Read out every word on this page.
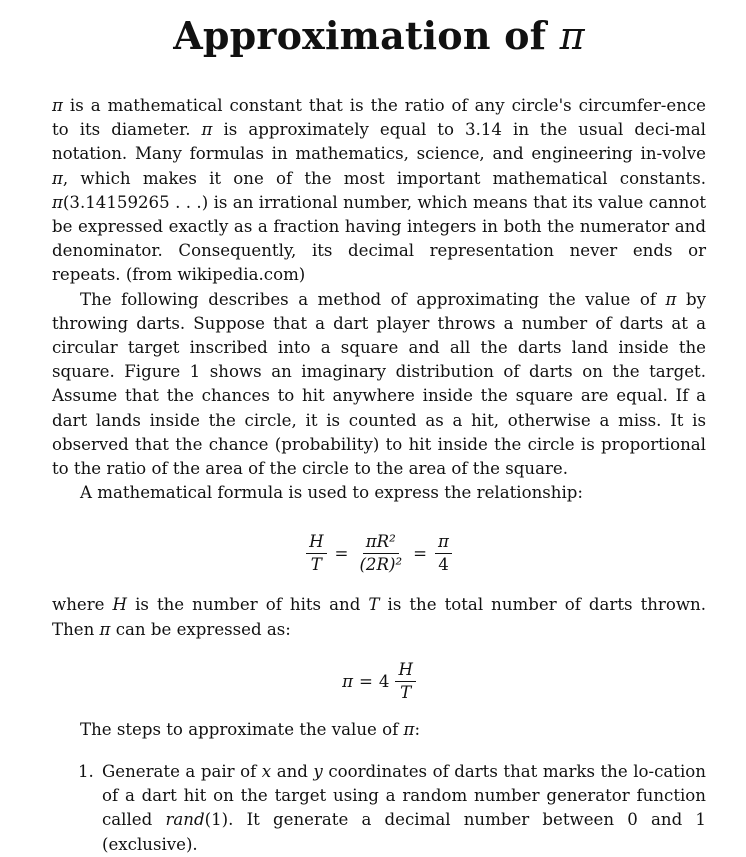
Approximation of π

π is a mathematical constant that is the ratio of any circle's circumfer-ence to its diameter. π is approximately equal to 3.14 in the usual deci-mal notation. Many formulas in mathematics, science, and engineering in-volve π, which makes it one of the most important mathematical constants. π(3.14159265 . . .) is an irrational number, which means that its value cannot be expressed exactly as a fraction having integers in both the numerator and denominator. Consequently, its decimal representation never ends or repeats. (from wikipedia.com)

The following describes a method of approximating the value of π by throwing darts. Suppose that a dart player throws a number of darts at a circular target inscribed into a square and all the darts land inside the square. Figure 1 shows an imaginary distribution of darts on the target. Assume that the chances to hit anywhere inside the square are equal. If a dart lands inside the circle, it is counted as a hit, otherwise a miss. It is observed that the chance (probability) to hit inside the circle is proportional to the ratio of the area of the circle to the area of the square.

A mathematical formula is used to express the relationship:

$\frac{H}{T} = \frac{\text{πR²}}{\text{(2R)²}} = \frac{\pi}{4}$

where H is the number of hits and T is the total number of darts thrown. Then π can be expressed as:

$\pi = 4 \frac{H}{T}$

The steps to approximate the value of π:

1. Generate a pair of x and y coordinates of darts that marks the lo-cation of a dart hit on the target using a random number generator function called rand(1). It generate a decimal number between 0 and 1 (exclusive).
